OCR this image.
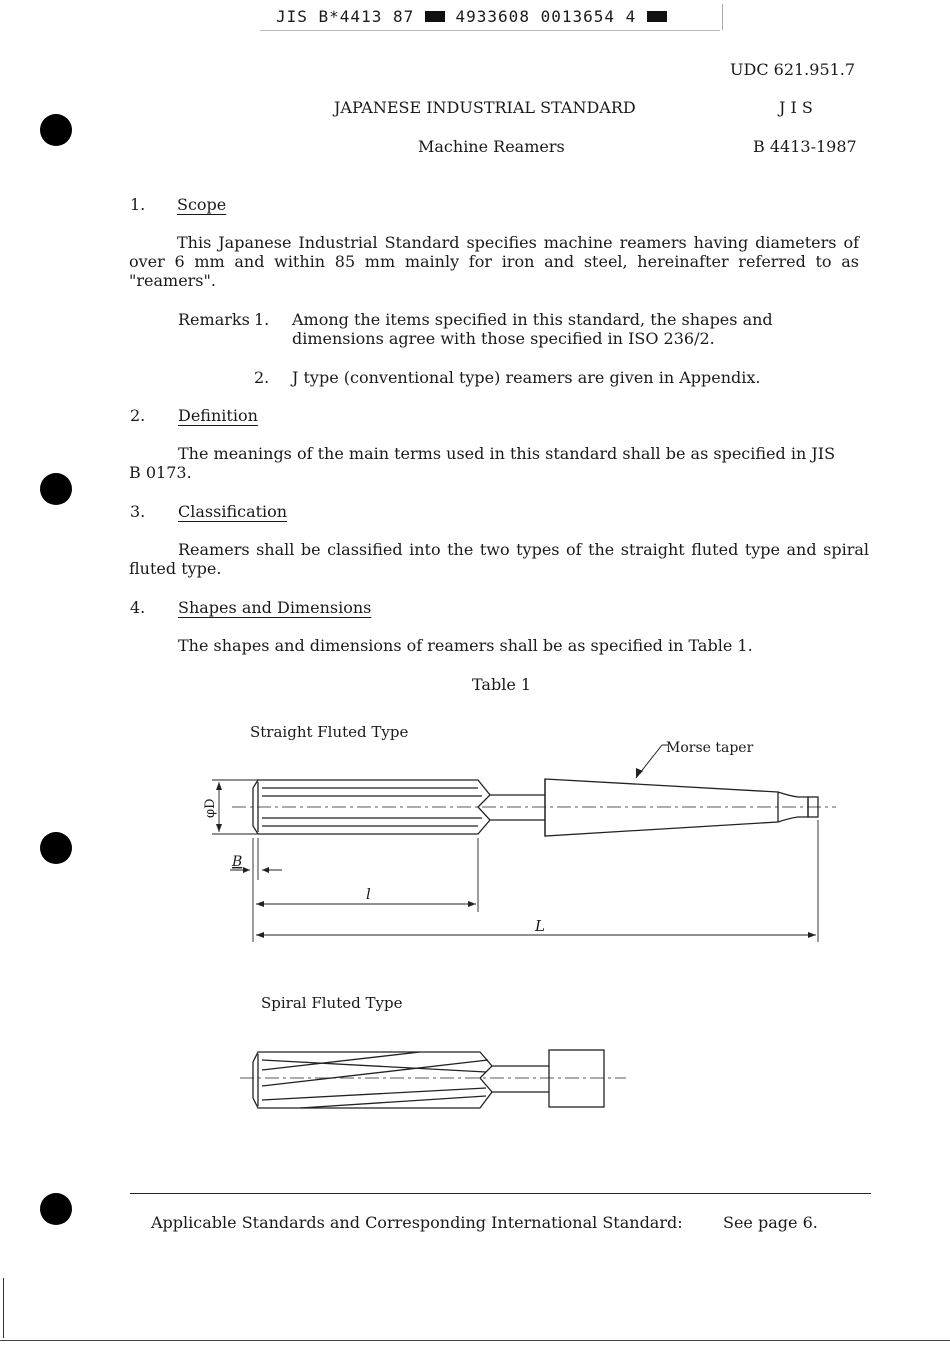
JIS B*4413 87	4933608 0013654 4
UDC 621.951.7
JAPANESE INDUSTRIAL STANDARD	J I S
Machine Reamers	B 4413-1987
1. Scope
This Japanese Industrial Standard specifies machine reamers having diameters of over 6 mm and within 85 mm mainly for iron and steel, hereinafter referred to as "reamers".
Remarks 1. Among the items specified in this standard, the shapes and dimensions agree with those specified in ISO 236/2.
2. J type (conventional type) reamers are given in Appendix.
2. Definition
The meanings of the main terms used in this standard shall be as specified in JIS B 0173.
3. Classification
Reamers shall be classified into the two types of the straight fluted type and spiral fluted type.
4. Shapes and Dimensions
The shapes and dimensions of reamers shall be as specified in Table 1.
Table 1
Straight Fluted Type
Spiral Fluted Type
Morse taper
φD
B
l
L
Applicable Standards and Corresponding International Standard:	See page 6.
